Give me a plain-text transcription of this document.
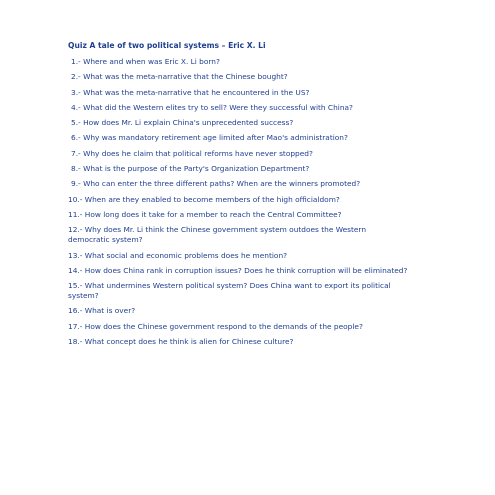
Quiz A tale of two political systems – Eric X. Li
1.- Where and when was Eric X. Li born?
2.- What was the meta-narrative that the Chinese bought?
3.- What was the meta-narrative that he encountered in the US?
4.- What did the Western elites try to sell? Were they successful with China?
5.- How does Mr. Li explain China's unprecedented success?
6.- Why was mandatory retirement age limited after Mao's administration?
7.- Why does he claim that political reforms have never stopped?
8.- What is the purpose of the Party's Organization Department?
9.- Who can enter the three different paths? When are the winners promoted?
10.- When are they enabled to become members of the high officialdom?
11.- How long does it take for a member to reach the Central Committee?
12.- Why does Mr. Li think the Chinese government system outdoes the Western democratic system?
13.- What social and economic problems does he mention?
14.- How does China rank in corruption issues? Does he think corruption will be eliminated?
15.- What undermines Western political system? Does China want to export its political system?
16.- What is over?
17.- How does the Chinese government respond to the demands of the people?
18.- What concept does he think is alien for Chinese culture?
